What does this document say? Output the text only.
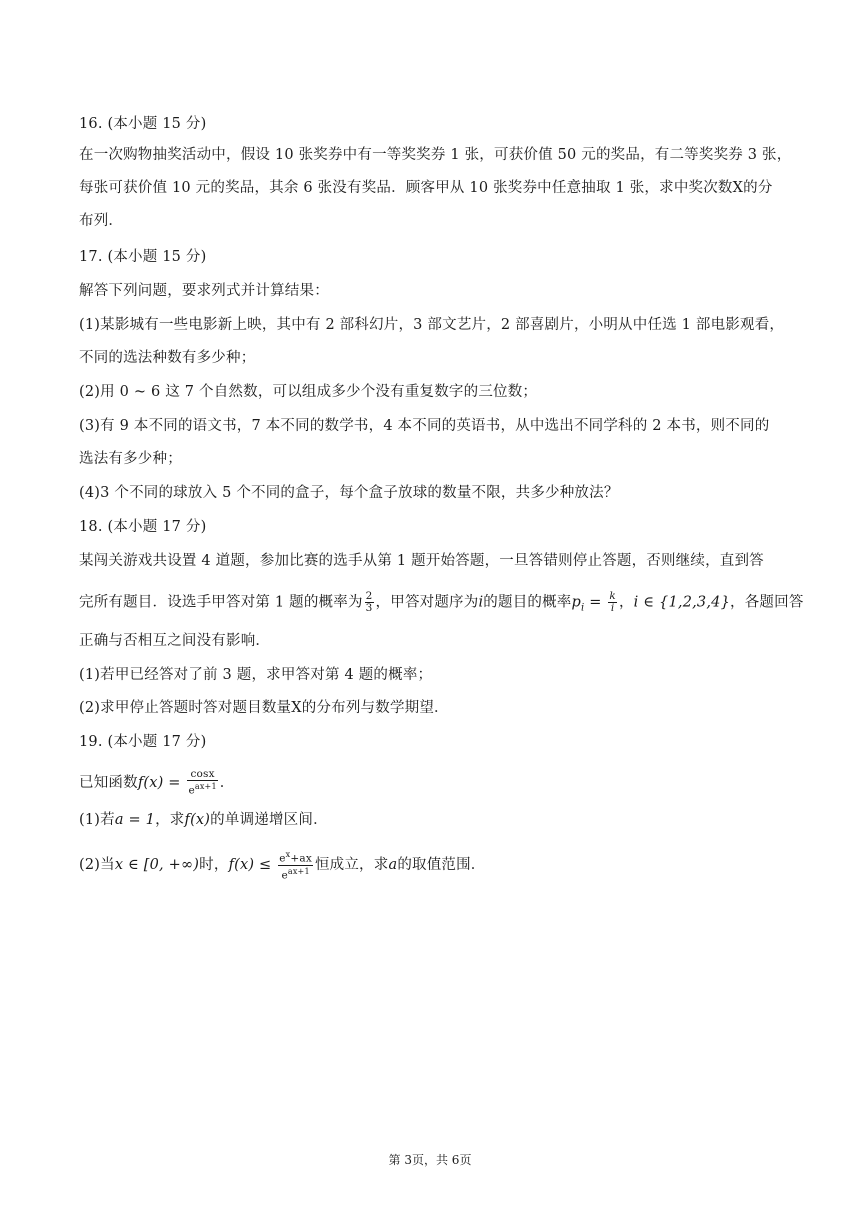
16. (本小题 15 分)
在一次购物抽奖活动中，假设 10 张奖券中有一等奖奖券 1 张，可获价值 50 元的奖品，有二等奖奖券 3 张，
每张可获价值 10 元的奖品，其余 6 张没有奖品．顾客甲从 10 张奖券中任意抽取 1 张，求中奖次数X的分
布列．
17. (本小题 15 分)
解答下列问题，要求列式并计算结果：
(1)某影城有一些电影新上映，其中有 2 部科幻片，3 部文艺片，2 部喜剧片，小明从中任选 1 部电影观看，
不同的选法种数有多少种；
(2)用 0 ~ 6 这 7 个自然数，可以组成多少个没有重复数字的三位数；
(3)有 9 本不同的语文书，7 本不同的数学书，4 本不同的英语书，从中选出不同学科的 2 本书，则不同的
选法有多少种；
(4)3 个不同的球放入 5 个不同的盒子，每个盒子放球的数量不限，共多少种放法？
18. (本小题 17 分)
某闯关游戏共设置 4 道题，参加比赛的选手从第 1 题开始答题，一旦答错则停止答题，否则继续，直到答
完所有题目．设选手甲答对第 1 题的概率为 $\frac{2}{3}$ ，甲答对题序为i的题目的概率$p_i = \frac{k}{i}$ ，i ∈ {1,2,3,4}，各题回答
正确与否相互之间没有影响．
(1)若甲已经答对了前 3 题，求甲答对第 4 题的概率；
(2)求甲停止答题时答对题目数量X的分布列与数学期望．
19. (本小题 17 分)
已知函数$f(x) = \frac{\cos x}{e^{ax+1}}$ ．
(1)若a = 1，求f(x)的单调递增区间．
(2)当x ∈ [0, +∞)时，$f(x) \le \frac{e^x+ax}{e^{ax+1}}$ 恒成立，求a的取值范围．
第 3页，共 6页
